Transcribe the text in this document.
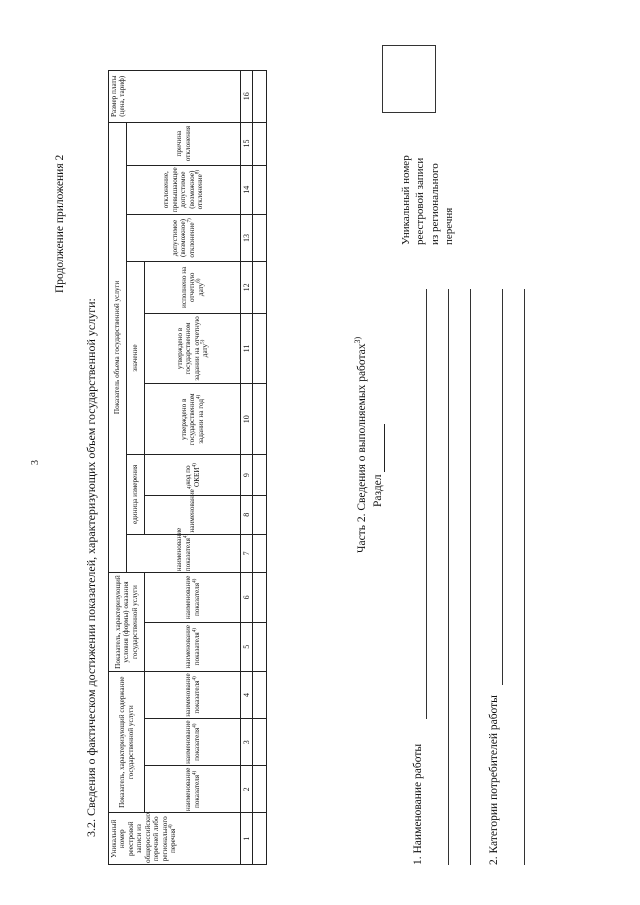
3
Продолжение приложения 2
3.2. Сведения о фактическом достижении показателей, характеризующих объем государственной услуги:
Уникальный номер реестровой записи из общероссийских перечней либо регионального перечня$^{4)}$	Показатель, характеризующий содержание государственной услуги			Показатель, характеризующий условия (формы) оказания государственной услуги		Показатель объема государственной услуги									Размер платы (цена, тариф)
						наименование показателя$^{4)}$	единица измерения		значение			допустимое (возможное) отклонение$^{7)}$	отклонение, превышающее допустимое (возможное) отклонение$^{8)}$	причина отклонения	
	наименование показателя$^{4)}$	наименование показателя$^{4)}$	наименование показателя$^{4)}$	наименование показателя$^{4)}$	наименование показателя$^{4)}$		наименование$^{4)}$	код по ОКЕИ$^{4)}$	утверждено в государственном задании на год$^{4)}$	утверждено в государственном задании на отчетную дату$^{5)}$	исполнено на отчетную дату$^{6)}$

1	2	3	4	5	6	7	8	9	10	11	12	13	14	15	16

Часть 2. Сведения о выполняемых работах$^{3)}$
Раздел
1. Наименование работы	2. Категории потребителей работы
Уникальный номер реестровой записи из регионального перечня
